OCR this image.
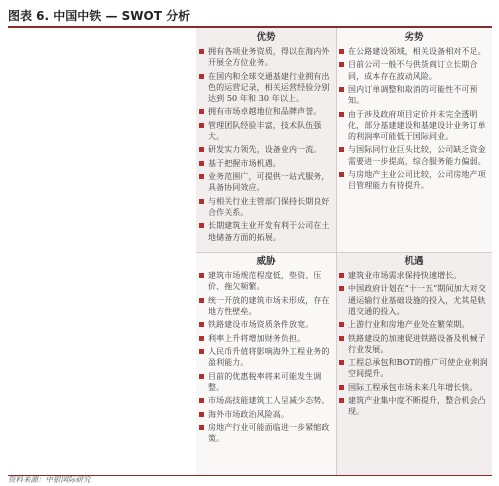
图表 6. 中国中铁 — SWOT 分析
优势
拥有各项业务资质，得以在海内外开展全方位业务。
在国内和全球交通基建行业拥有出色的运营记录，相关运营经验分别达到 50 年和 30 年以上。
拥有市场卓越地位和品牌声誉。
管理团队经验丰富，技术队伍强大。
研发实力领先，设备业内一流。
基于把握市场机遇。
业务范围广，可提供一站式服务，具备协同效应。
与相关行业主管部门保持长期良好合作关系。
长期建筑主业开发有利于公司在土地储备方面的拓展。
劣势
在公路建设领域，相关设备相对不足。
目前公司一般不与供货商订立长期合同，成本存在波动风险。
国内订单调整和取消的可能性不可预知。
由于涉及政府项目定价并未完全透明化，部分基建建设和基建设计业务订单的利润率可能低于国际同业。
与国际同行业巨头比较，公司缺乏资金需要进一步提高，综合服务能力偏弱。
与房地产主业公司比较，公司房地产项目管理能力有待提升。
威胁
建筑市场规范程度低，垫资、压价、拖欠频繁。
统一开放的建筑市场未形成，存在地方性壁垒。
铁路建设市场资质条件放宽。
利率上升将增加财务负担。
人民币升值将影响海外工程业务的盈利能力。
目前的优惠税率将来可能发生调整。
市场高技能建筑工人呈减少态势。
海外市场政治风险高。
房地产行业可能面临进一步紧缩政策。
机遇
建筑业市场需求保持快速增长。
中国政府计划在“十一五”期间加大对交通运输行业基础设施的投入，尤其是轨道交通的投入。
上游行业和房地产业处在繁荣期。
铁路建设的加速促进铁路设备及机械子行业发展。
工程总承包和BOT的推广可使企业利润空间提升。
国际工程承包市场未来几年增长快。
建筑产业集中度不断提升，整合机会凸现。
资料来源：中银国际研究
